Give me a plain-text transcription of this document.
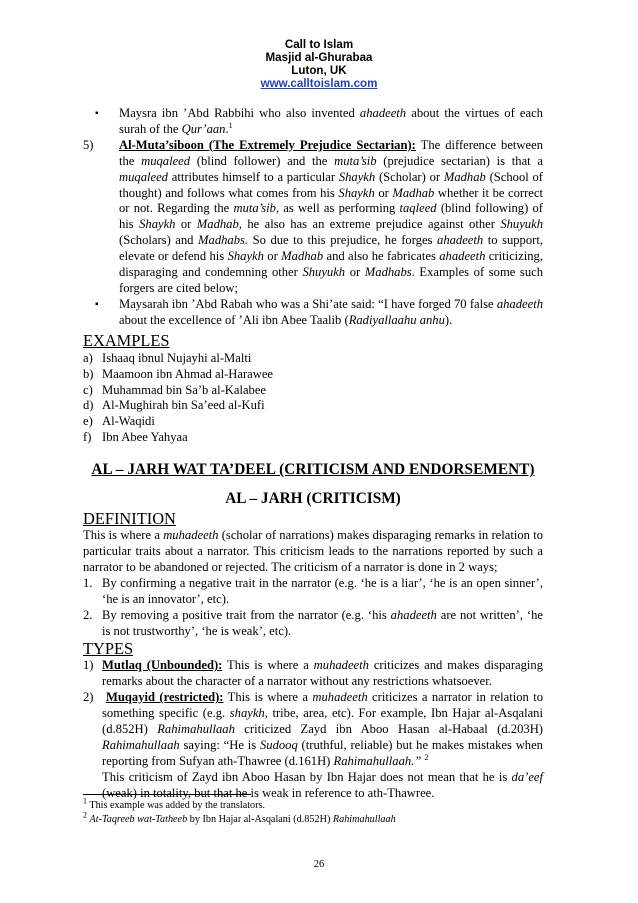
Call to Islam
Masjid al-Ghurabaa
Luton, UK
www.calltoislam.com
▪ Maysra ibn ’Abd Rabbihi who also invented ahadeeth about the virtues of each surah of the Qur’aan.$^1$
5) Al-Muta’siboon (The Extremely Prejudice Sectarian): The difference between the muqaleed (blind follower) and the muta’sib (prejudice sectarian) is that a muqaleed attributes himself to a particular Shaykh (Scholar) or Madhab (School of thought) and follows what comes from his Shaykh or Madhab whether it be correct or not. Regarding the muta’sib, as well as performing taqleed (blind following) of his Shaykh or Madhab, he also has an extreme prejudice against other Shuyukh (Scholars) and Madhabs. So due to this prejudice, he forges ahadeeth to support, elevate or defend his Shaykh or Madhab and also he fabricates ahadeeth criticizing, disparaging and condemning other Shuyukh or Madhabs. Examples of some such forgers are cited below;
▪ Maysarah ibn ’Abd Rabah who was a Shi’ate said: “I have forged 70 false ahadeeth about the excellence of ’Ali ibn Abee Taalib (Radiyallaahu anhu).
EXAMPLES
a) Ishaaq ibnul Nujayhi al-Malti
b) Maamoon ibn Ahmad al-Harawee
c) Muhammad bin Sa’b al-Kalabee
d) Al-Mughirah bin Sa’eed al-Kufi
e) Al-Waqidi
f) Ibn Abee Yahyaa
AL – JARH WAT TA’DEEL (CRITICISM AND ENDORSEMENT)
AL – JARH (CRITICISM)
DEFINITION
This is where a muhadeeth (scholar of narrations) makes disparaging remarks in relation to particular traits about a narrator. This criticism leads to the narrations reported by such a narrator to be abandoned or rejected. The criticism of a narrator is done in 2 ways;
1. By confirming a negative trait in the narrator (e.g. ‘he is a liar’, ‘he is an open sinner’, ‘he is an innovator’, etc).
2. By removing a positive trait from the narrator (e.g. ‘his ahadeeth are not written’, ‘he is not trustworthy’, ‘he is weak’, etc).
TYPES
1) Mutlaq (Unbounded): This is where a muhadeeth criticizes and makes disparaging remarks about the character of a narrator without any restrictions whatsoever.
2) Muqayid (restricted): This is where a muhadeeth criticizes a narrator in relation to something specific (e.g. shaykh, tribe, area, etc). For example, Ibn Hajar al-Asqalani (d.852H) Rahimahullaah criticized Zayd ibn Aboo Hasan al-Habaal (d.203H) Rahimahullaah saying: “He is Sudooq (truthful, reliable) but he makes mistakes when reporting from Sufyan ath-Thawree (d.161H) Rahimahullaah.” $^2$
This criticism of Zayd ibn Aboo Hasan by Ibn Hajar does not mean that he is da’eef (weak) in totality, but that he is weak in reference to ath-Thawree.
$^1$ This example was added by the translators.
$^2$ At-Taqreeb wat-Tatheeb by Ibn Hajar al-Asqalani (d.852H) Rahimahullaah
26
